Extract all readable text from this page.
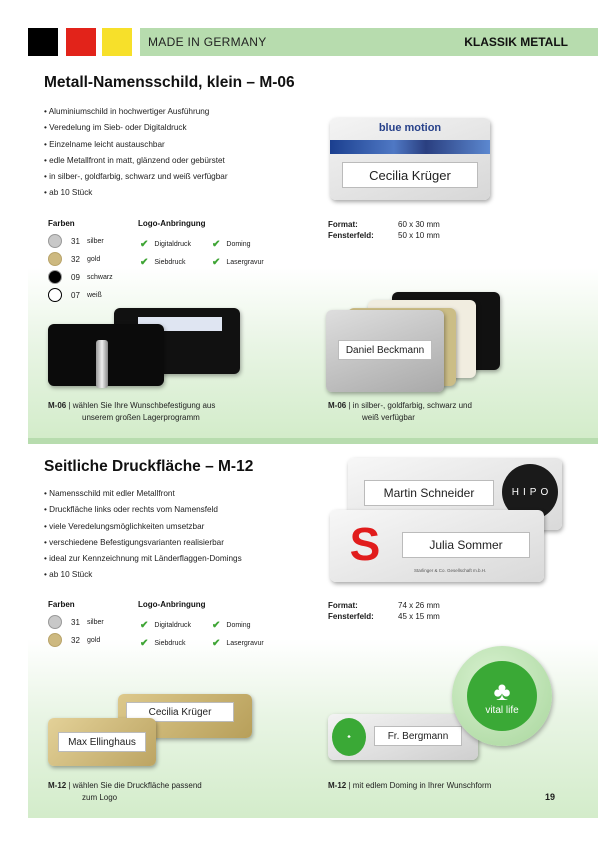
MADE IN GERMANY	KLASSIK METALL
Metall-Namensschild, klein – M-06
• Aluminiumschild in hochwertiger Ausführung
• Veredelung im Sieb- oder Digitaldruck
• Einzelname leicht austauschbar
• edle Metallfront in matt, glänzend oder gebürstet
• in silber-, goldfarbig, schwarz und weiß verfügbar
• ab 10 Stück
Farben
31	silber
32	gold
09	schwarz
07	weiß
Logo-Anbringung
✔ Digitaldruck ✔ Doming
✔ Siebdruck	✔ Lasergravur
Format:	60 x 30 mm
Fensterfeld:	50 x 10 mm
blue motion
Cecilia Krüger
Daniel Beckmann
M-06 | wählen Sie Ihre Wunschbefestigung aus
unserem großen Lagerprogramm
M-06 | in silber-, goldfarbig, schwarz und
weiß verfügbar
Seitliche Druckfläche – M-12
• Namensschild mit edler Metallfront
• Druckfläche links oder rechts vom Namensfeld
• viele Veredelungsmöglichkeiten umsetzbar
• verschiedene Befestigungsvarianten realisierbar
• ideal zur Kennzeichnung mit Länderflaggen-Domings
• ab 10 Stück
Farben
31	silber
32	gold
Logo-Anbringung
✔ Digitaldruck ✔ Doming
✔ Siebdruck	✔ Lasergravur
Format:	74 x 26 mm
Fensterfeld:	45 x 15 mm
Martin Schneider	H I P O
S	Julia Sommer
Starlinger & Co. Gesellschaft m.b.H.
Cecilia Krüger
Max Ellinghaus	♣	Fr. Bergmann
♣
vital life
M-12 | wählen Sie die Druckfläche passend
zum Logo
M-12 | mit edlem Doming in Ihrer Wunschform
19
